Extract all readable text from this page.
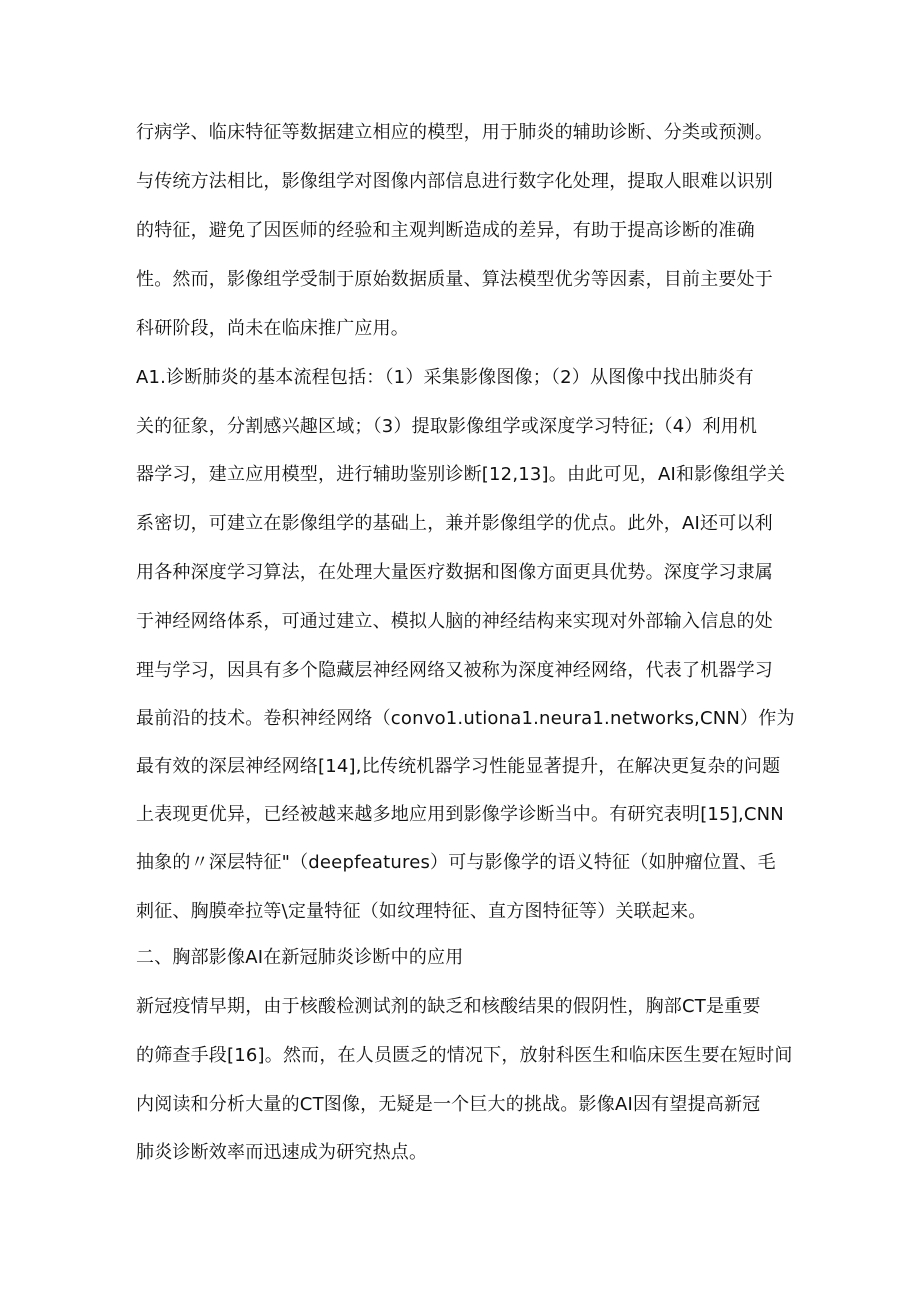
行病学、临床特征等数据建立相应的模型，用于肺炎的辅助诊断、分类或预测。
与传统方法相比，影像组学对图像内部信息进行数字化处理，提取人眼难以识别
的特征，避免了因医师的经验和主观判断造成的差异，有助于提高诊断的准确
性。然而，影像组学受制于原始数据质量、算法模型优劣等因素，目前主要处于
科研阶段，尚未在临床推广应用。
A1.诊断肺炎的基本流程包括：（1）采集影像图像；（2）从图像中找出肺炎有
关的征象，分割感兴趣区域；（3）提取影像组学或深度学习特征;（4）利用机
器学习，建立应用模型，进行辅助鉴别诊断[12,13]。由此可见，AI和影像组学关
系密切，可建立在影像组学的基础上，兼并影像组学的优点。此外，AI还可以利
用各种深度学习算法，在处理大量医疗数据和图像方面更具优势。深度学习隶属
于神经网络体系，可通过建立、模拟人脑的神经结构来实现对外部输入信息的处
理与学习，因具有多个隐藏层神经网络又被称为深度神经网络，代表了机器学习
最前沿的技术。卷积神经网络（convo1.utiona1.neura1.networks,CNN）作为
最有效的深层神经网络[14],比传统机器学习性能显著提升，在解决更复杂的问题
上表现更优异，已经被越来越多地应用到影像学诊断当中。有研究表明[15],CNN
抽象的〃深层特征"（deepfeatures）可与影像学的语义特征（如肿瘤位置、毛
刺征、胸膜牵拉等\定量特征（如纹理特征、直方图特征等）关联起来。
二、胸部影像AI在新冠肺炎诊断中的应用
新冠疫情早期，由于核酸检测试剂的缺乏和核酸结果的假阴性，胸部CT是重要
的筛查手段[16]。然而，在人员匮乏的情况下，放射科医生和临床医生要在短时间
内阅读和分析大量的CT图像，无疑是一个巨大的挑战。影像AI因有望提高新冠
肺炎诊断效率而迅速成为研究热点。
